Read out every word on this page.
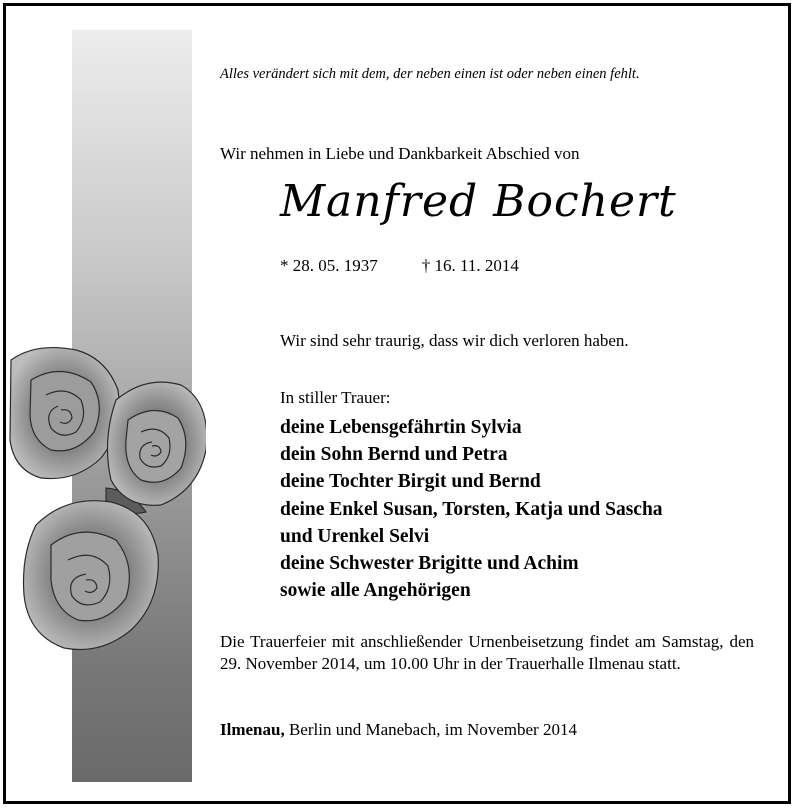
Alles verändert sich mit dem, der neben einen ist oder neben einen fehlt.
Wir nehmen in Liebe und Dankbarkeit Abschied von
Manfred Bochert
* 28. 05. 1937	† 16. 11. 2014
Wir sind sehr traurig, dass wir dich verloren haben.
In stiller Trauer:
deine Lebensgefährtin Sylvia
dein Sohn Bernd und Petra
deine Tochter Birgit und Bernd
deine Enkel Susan, Torsten, Katja und Sascha
und Urenkel Selvi
deine Schwester Brigitte und Achim
sowie alle Angehörigen
Die Trauerfeier mit anschließender Urnenbeisetzung findet am Samstag, den 29. November 2014, um 10.00 Uhr in der Trauerhalle Ilmenau statt.
Ilmenau, Berlin und Manebach, im November 2014
